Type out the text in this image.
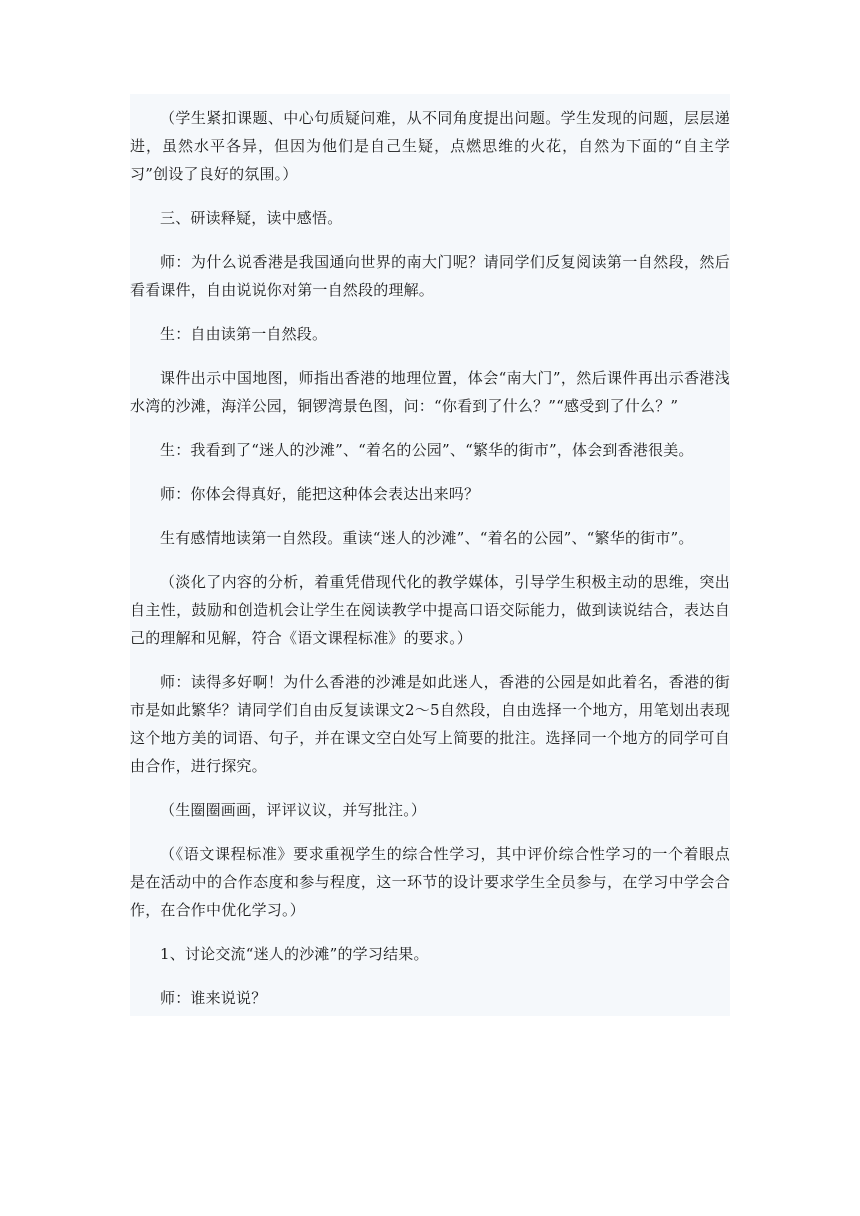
（学生紧扣课题、中心句质疑问难，从不同角度提出问题。学生发现的问题，层层递进，虽然水平各异，但因为他们是自己生疑，点燃思维的火花，自然为下面的“自主学习”创设了良好的氛围。）

三、研读释疑，读中感悟。

师：为什么说香港是我国通向世界的南大门呢？请同学们反复阅读第一自然段，然后看看课件，自由说说你对第一自然段的理解。

生：自由读第一自然段。

课件出示中国地图，师指出香港的地理位置，体会“南大门”，然后课件再出示香港浅水湾的沙滩，海洋公园，铜锣湾景色图，问：“你看到了什么？”“感受到了什么？”

生：我看到了“迷人的沙滩”、“着名的公园”、“繁华的街市”，体会到香港很美。

师：你体会得真好，能把这种体会表达出来吗？

生有感情地读第一自然段。重读“迷人的沙滩”、“着名的公园”、“繁华的街市”。

（淡化了内容的分析，着重凭借现代化的教学媒体，引导学生积极主动的思维，突出自主性，鼓励和创造机会让学生在阅读教学中提高口语交际能力，做到读说结合，表达自己的理解和见解，符合《语文课程标准》的要求。）

师：读得多好啊！为什么香港的沙滩是如此迷人，香港的公园是如此着名，香港的街市是如此繁华？请同学们自由反复读课文2～5自然段，自由选择一个地方，用笔划出表现这个地方美的词语、句子，并在课文空白处写上简要的批注。选择同一个地方的同学可自由合作，进行探究。

（生圈圈画画，评评议议，并写批注。）

（《语文课程标准》要求重视学生的综合性学习，其中评价综合性学习的一个着眼点是在活动中的合作态度和参与程度，这一环节的设计要求学生全员参与，在学习中学会合作，在合作中优化学习。）

1、讨论交流“迷人的沙滩”的学习结果。

师：谁来说说？
